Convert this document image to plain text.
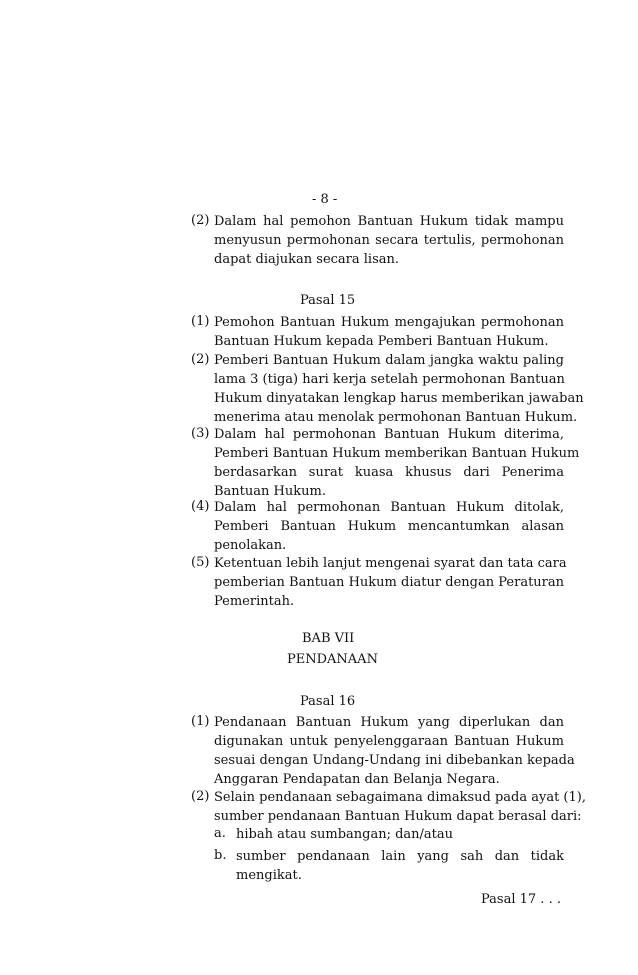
- 8 -
(2) Dalam hal pemohon Bantuan Hukum tidak mampu
menyusun permohonan secara tertulis, permohonan
dapat diajukan secara lisan.
Pasal 15
(1) Pemohon Bantuan Hukum mengajukan permohonan
Bantuan Hukum kepada Pemberi Bantuan Hukum.
(2) Pemberi Bantuan Hukum dalam jangka waktu paling
lama 3 (tiga) hari kerja setelah permohonan Bantuan
Hukum dinyatakan lengkap harus memberikan jawaban
menerima atau menolak permohonan Bantuan Hukum.
(3) Dalam hal permohonan Bantuan Hukum diterima,
Pemberi Bantuan Hukum memberikan Bantuan Hukum
berdasarkan surat kuasa khusus dari Penerima
Bantuan Hukum.
(4) Dalam hal permohonan Bantuan Hukum ditolak,
Pemberi Bantuan Hukum mencantumkan alasan
penolakan.
(5) Ketentuan lebih lanjut mengenai syarat dan tata cara
pemberian Bantuan Hukum diatur dengan Peraturan
Pemerintah.
BAB VII
PENDANAAN
Pasal 16
(1) Pendanaan Bantuan Hukum yang diperlukan dan
digunakan untuk penyelenggaraan Bantuan Hukum
sesuai dengan Undang-Undang ini dibebankan kepada
Anggaran Pendapatan dan Belanja Negara.
(2) Selain pendanaan sebagaimana dimaksud pada ayat (1),
sumber pendanaan Bantuan Hukum dapat berasal dari:
a. hibah atau sumbangan; dan/atau
b. sumber pendanaan lain yang sah dan tidak
mengikat.
Pasal 17 . . .
